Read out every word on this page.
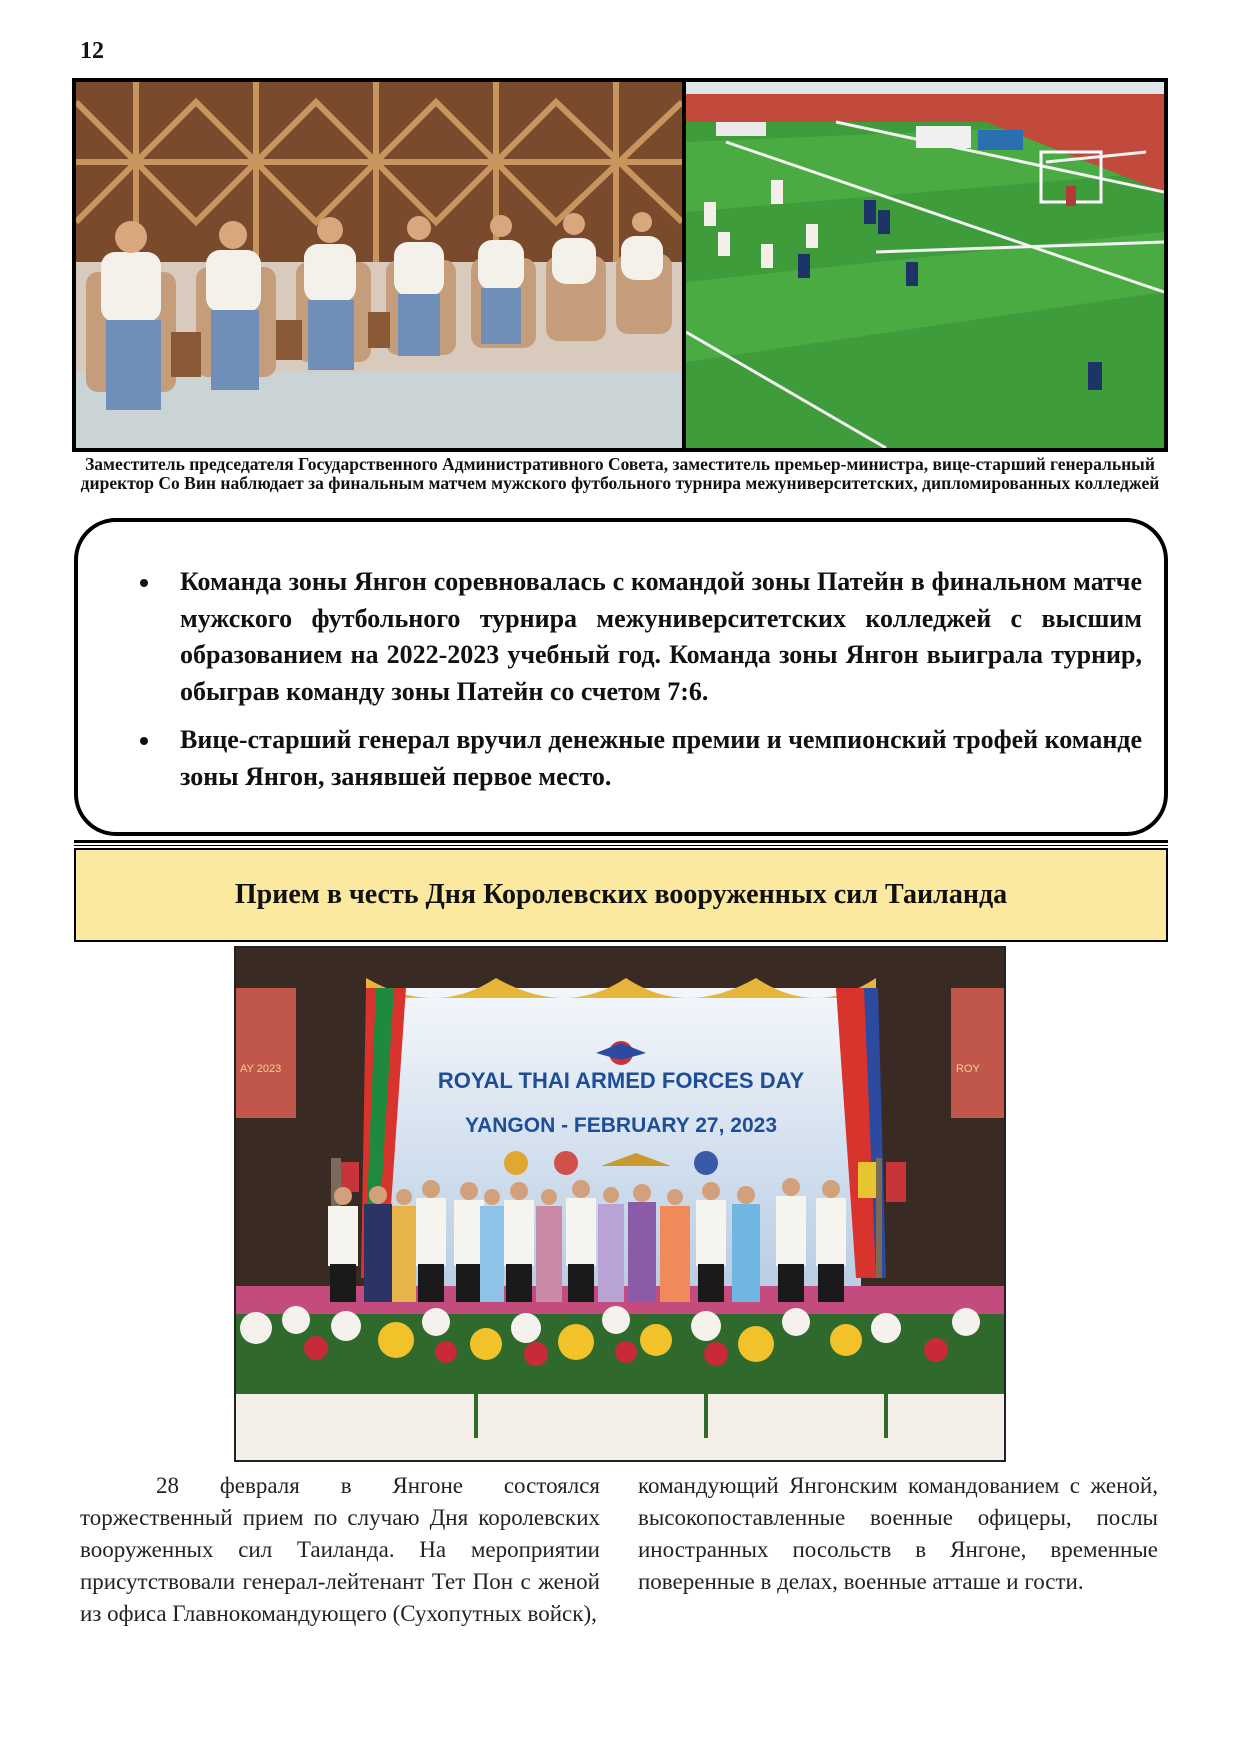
12
Заместитель председателя Государственного Административного Совета, заместитель премьер-министра, вице-старший генеральный директор Со Вин наблюдает за финальным матчем мужского футбольного турнира межуниверситетских, дипломированных колледжей
• Команда зоны Янгон соревновалась с командой зоны Патейн в финальном матче мужского футбольного турнира межуниверситетских колледжей с высшим образованием на 2022-2023 учебный год. Команда зоны Янгон выиграла турнир, обыграв команду зоны Патейн со счетом 7:6.
• Вице-старший генерал вручил денежные премии и чемпионский трофей команде зоны Янгон, занявшей первое место.
Прием в честь Дня Королевских вооруженных сил Таиланда
AY 2023	ROY
ROYAL THAI ARMED FORCES DAY
YANGON - FEBRUARY 27, 2023

28 февраля в Янгоне состоялся торжественный прием по случаю Дня королевских вооруженных сил Таиланда. На мероприятии присутствовали генерал-лейтенант Тет Пон с женой из офиса Главнокомандующего (Сухопутных войск),

командующий Янгонским командованием с женой, высокопоставленные военные офицеры, послы иностранных посольств в Янгоне, временные поверенные в делах, военные атташе и гости.
